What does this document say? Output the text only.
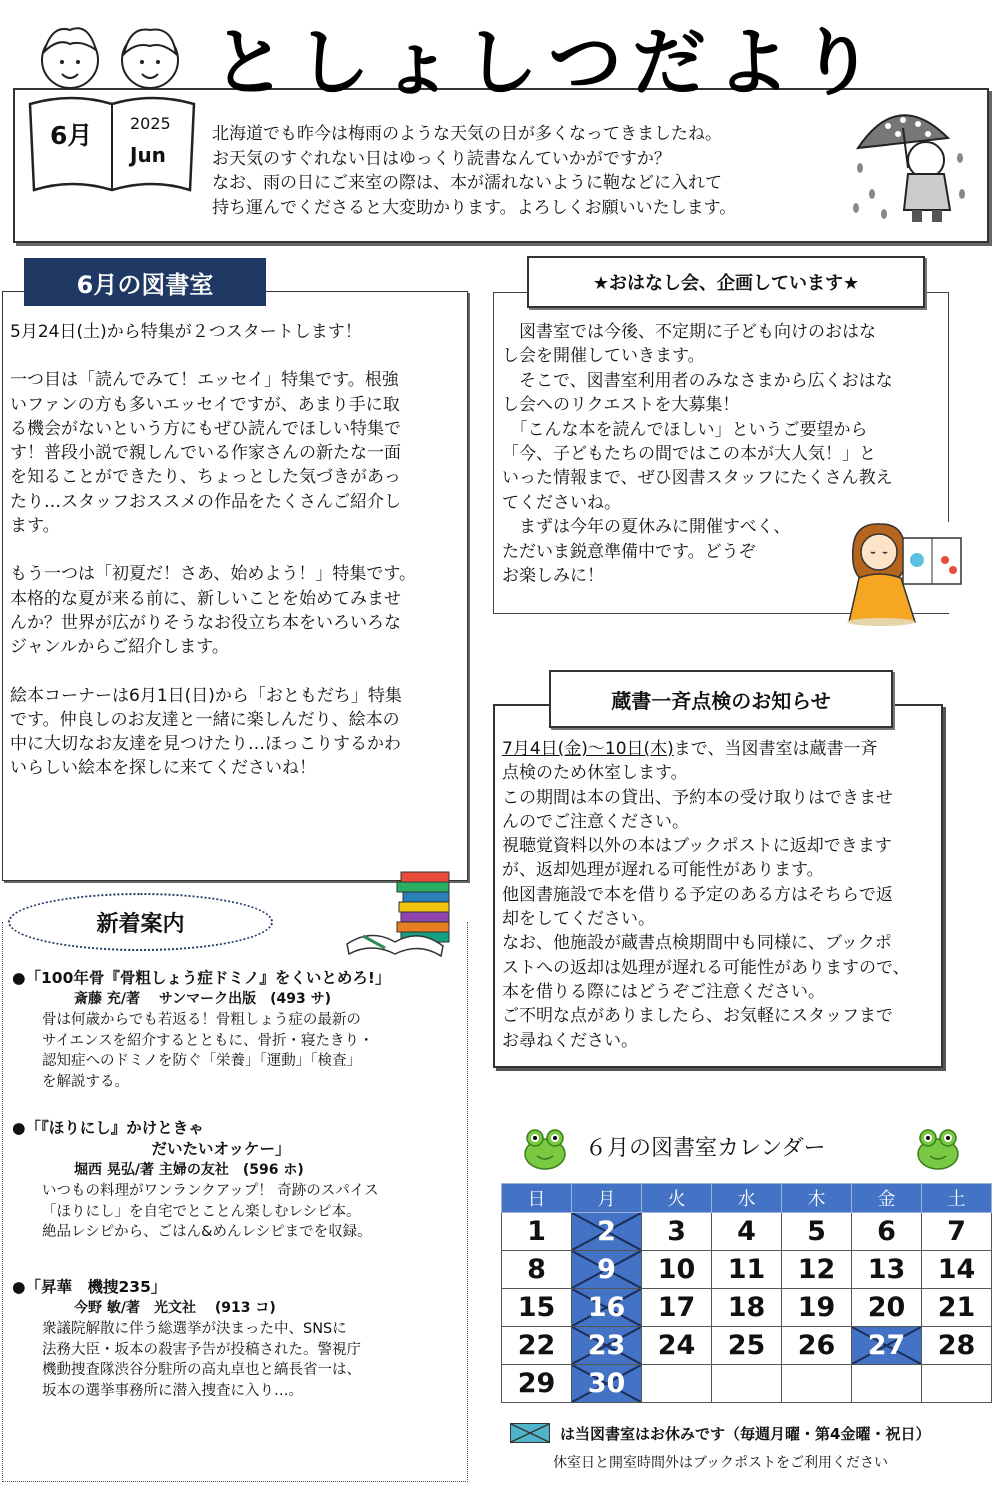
6月 2025
Jun
としょしつだより

北海道でも昨今は梅雨のような天気の日が多くなってきましたね。

お天気のすぐれない日はゆっくり読書なんていかがですか？

なお、雨の日にご来室の際は、本が濡れないように鞄などに入れて

持ち運んでくださると大変助かります。よろしくお願いいたします。

6月の図書室

5月24日(土)から特集が２つスタートします！

一つ目は「読んでみて！エッセイ」特集です。根強

いファンの方も多いエッセイですが、あまり手に取

る機会がないという方にもぜひ読んでほしい特集で

す！普段小説で親しんでいる作家さんの新たな一面

を知ることができたり、ちょっとした気づきがあっ

たり…スタッフおススメの作品をたくさんご紹介し

ます。

もう一つは「初夏だ！さあ、始めよう！」特集です。

本格的な夏が来る前に、新しいことを始めてみませ

んか？世界が広がりそうなお役立ち本をいろいろな

ジャンルからご紹介します。

絵本コーナーは6月1日(日)から「おともだち」特集

です。仲良しのお友達と一緒に楽しんだり、絵本の

中に大切なお友達を見つけたり…ほっこりするかわ

いらしい絵本を探しに来てくださいね！

★おはなし会、企画しています★

　図書室では今後、不定期に子ども向けのおはな

し会を開催していきます。

　そこで、図書室利用者のみなさまから広くおはな

し会へのリクエストを大募集！

　「こんな本を読んでほしい」というご要望から

「今、子どもたちの間ではこの本が大人気！」と

いった情報まで、ぜひ図書スタッフにたくさん教え

てくださいね。

　まずは今年の夏休みに開催すべく、

ただいま鋭意準備中です。どうぞ

お楽しみに！

蔵書一斉点検のお知らせ

7月4日(金)～10日(木)まで、当図書室は蔵書一斉

点検のため休室します。

この期間は本の貸出、予約本の受け取りはできませ

んのでご注意ください。

視聴覚資料以外の本はブックポストに返却できます

が、返却処理が遅れる可能性があります。

他図書施設で本を借りる予定のある方はそちらで返

却をしてください。

なお、他施設が蔵書点検期間中も同様に、ブックポ

ストへの返却は処理が遅れる可能性がありますので、

本を借りる際にはどうぞご注意ください。

ご不明な点がありましたら、お気軽にスタッフまで

お尋ねください。

新着案内

●「100年骨『骨粗しょう症ドミノ』をくいとめろ!」

斎藤 充/著　 サンマーク出版　(493 サ)

骨は何歳からでも若返る！骨粗しょう症の最新の

サイエンスを紹介するとともに、骨折・寝たきり・

認知症へのドミノを防ぐ「栄養」「運動」「検査」

を解説する。

●「『ほりにし』かけときゃ

　　　　　　　　　だいたいオッケー」

堀西 晃弘/著 主婦の友社　(596 ホ)

いつもの料理がワンランクアップ！ 奇跡のスパイス

「ほりにし」を自宅でとことん楽しむレシピ本。

絶品レシピから、ごはん&めんレシピまでを収録。

●「昇華　機捜235」

今野 敏/著　光文社　 (913 コ)

衆議院解散に伴う総選挙が決まった中、SNSに

法務大臣・坂本の殺害予告が投稿された。警視庁

機動捜査隊渋谷分駐所の高丸卓也と縞長省一は、

坂本の選挙事務所に潜入捜査に入り…。

６月の図書室カレンダー
日	月	火	水	木	金	土
1	2	3	4	5	6	7
8	9	10	11	12	13	14
15	16	17	18	19	20	21
22	23	24	25	26	27	28
29	30					
は当図書室はお休みです（毎週月曜・第4金曜・祝日）
休室日と開室時間外はブックポストをご利用ください
